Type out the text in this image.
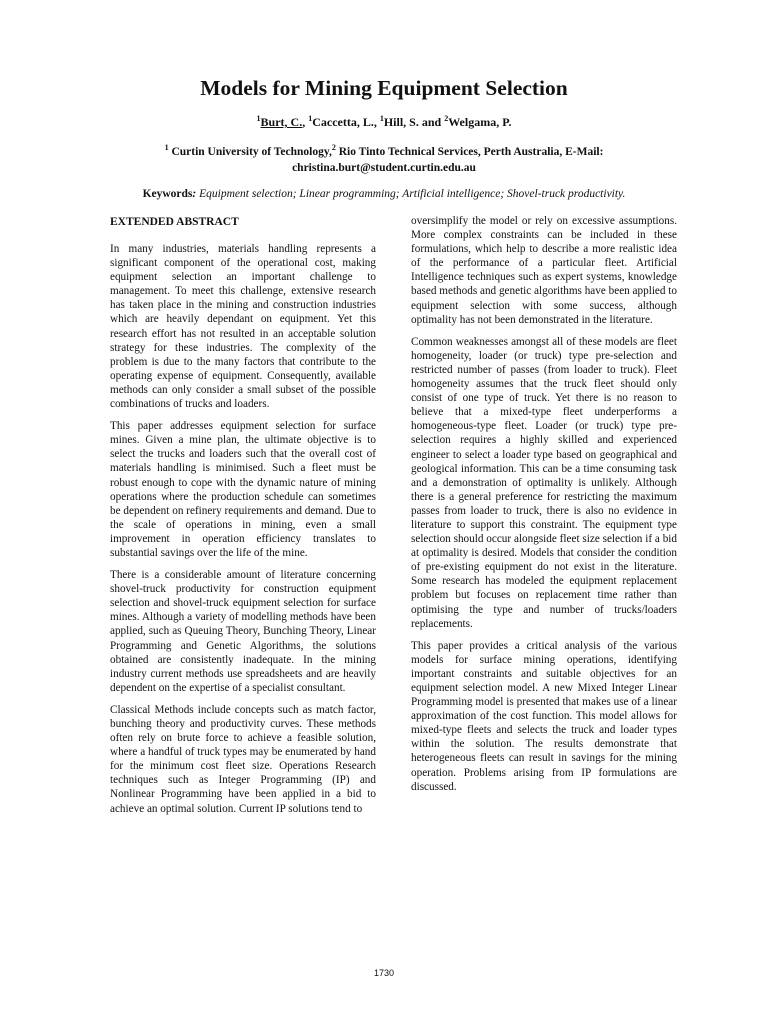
Models for Mining Equipment Selection
$^1$Burt, C., $^1$Caccetta, L., $^1$Hill, S. and $^2$Welgama, P.
$^1$ Curtin University of Technology,$^2$ Rio Tinto Technical Services, Perth Australia, E-Mail:
christina.burt@student.curtin.edu.au
Keywords: Equipment selection; Linear programming; Artificial intelligence; Shovel-truck productivity.
EXTENDED ABSTRACT

In many industries, materials handling represents a significant component of the operational cost, making equipment selection an important challenge to management. To meet this challenge, extensive research has taken place in the mining and construction industries which are heavily dependant on equipment. Yet this research effort has not resulted in an acceptable solution strategy for these industries. The complexity of the problem is due to the many factors that contribute to the operating expense of equipment. Consequently, available methods can only consider a small subset of the possible combinations of trucks and loaders.

This paper addresses equipment selection for surface mines. Given a mine plan, the ultimate objective is to select the trucks and loaders such that the overall cost of materials handling is minimised. Such a fleet must be robust enough to cope with the dynamic nature of mining operations where the production schedule can sometimes be dependent on refinery requirements and demand. Due to the scale of operations in mining, even a small improvement in operation efficiency translates to substantial savings over the life of the mine.

There is a considerable amount of literature concerning shovel-truck productivity for construction equipment selection and shovel-truck equipment selection for surface mines. Although a variety of modelling methods have been applied, such as Queuing Theory, Bunching Theory, Linear Programming and Genetic Algorithms, the solutions obtained are consistently inadequate. In the mining industry current methods use spreadsheets and are heavily dependent on the expertise of a specialist consultant.

Classical Methods include concepts such as match factor, bunching theory and productivity curves. These methods often rely on brute force to achieve a feasible solution, where a handful of truck types may be enumerated by hand for the minimum cost fleet size. Operations Research techniques such as Integer Programming (IP) and Nonlinear Programming have been applied in a bid to achieve an optimal solution. Current IP solutions tend to

oversimplify the model or rely on excessive assumptions. More complex constraints can be included in these formulations, which help to describe a more realistic idea of the performance of a particular fleet. Artificial Intelligence techniques such as expert systems, knowledge based methods and genetic algorithms have been applied to equipment selection with some success, although optimality has not been demonstrated in the literature.

Common weaknesses amongst all of these models are fleet homogeneity, loader (or truck) type pre-selection and restricted number of passes (from loader to truck). Fleet homogeneity assumes that the truck fleet should only consist of one type of truck. Yet there is no reason to believe that a mixed-type fleet underperforms a homogeneous-type fleet. Loader (or truck) type pre-selection requires a highly skilled and experienced engineer to select a loader type based on geographical and geological information. This can be a time consuming task and a demonstration of optimality is unlikely. Although there is a general preference for restricting the maximum passes from loader to truck, there is also no evidence in literature to support this constraint. The equipment type selection should occur alongside fleet size selection if a bid at optimality is desired. Models that consider the condition of pre-existing equipment do not exist in the literature. Some research has modeled the equipment replacement problem but focuses on replacement time rather than optimising the type and number of trucks/loaders replacements.

This paper provides a critical analysis of the various models for surface mining operations, identifying important constraints and suitable objectives for an equipment selection model. A new Mixed Integer Linear Programming model is presented that makes use of a linear approximation of the cost function. This model allows for mixed-type fleets and selects the truck and loader types within the solution. The results demonstrate that heterogeneous fleets can result in savings for the mining operation. Problems arising from IP formulations are discussed.

1730
